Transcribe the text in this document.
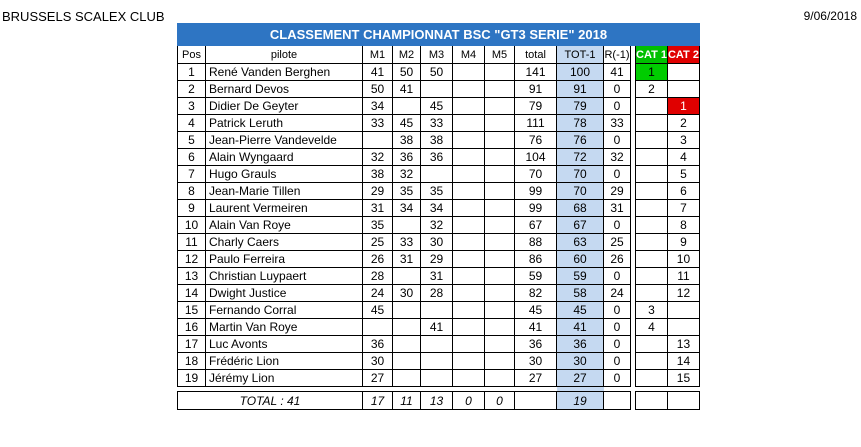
BRUSSELS SCALEX CLUB	9/06/2018
CLASSEMENT CHAMPIONNAT BSC "GT3 SERIE" 2018												
Pos	pilote	M1	M2	M3	M4	M5	total	TOT-1	R(-1)		CAT 1	CAT 2
1	René Vanden Berghen	41	50	50			141	100	41		1	
2	Bernard Devos	50	41				91	91	0		2	
3	Didier De Geyter	34		45			79	79	0			1
4	Patrick Leruth	33	45	33			111	78	33			2
5	Jean-Pierre Vandevelde		38	38			76	76	0			3
6	Alain Wyngaard	32	36	36			104	72	32			4
7	Hugo Grauls	38	32				70	70	0			5
8	Jean-Marie Tillen	29	35	35			99	70	29			6
9	Laurent Vermeiren	31	34	34			99	68	31			7
10	Alain Van Roye	35		32			67	67	0			8
11	Charly Caers	25	33	30			88	63	25			9
12	Paulo Ferreira	26	31	29			86	60	26			10
13	Christian Luypaert	28		31			59	59	0			11
14	Dwight Justice	24	30	28			82	58	24			12
15	Fernando Corral	45					45	45	0		3	
16	Martin Van Roye			41			41	41	0		4	
17	Luc Avonts	36					36	36	0			13
18	Frédéric Lion	30					30	30	0			14
19	Jérémy Lion	27					27	27	0			15

TOTAL : 41		17	11	13	0	0		19				
